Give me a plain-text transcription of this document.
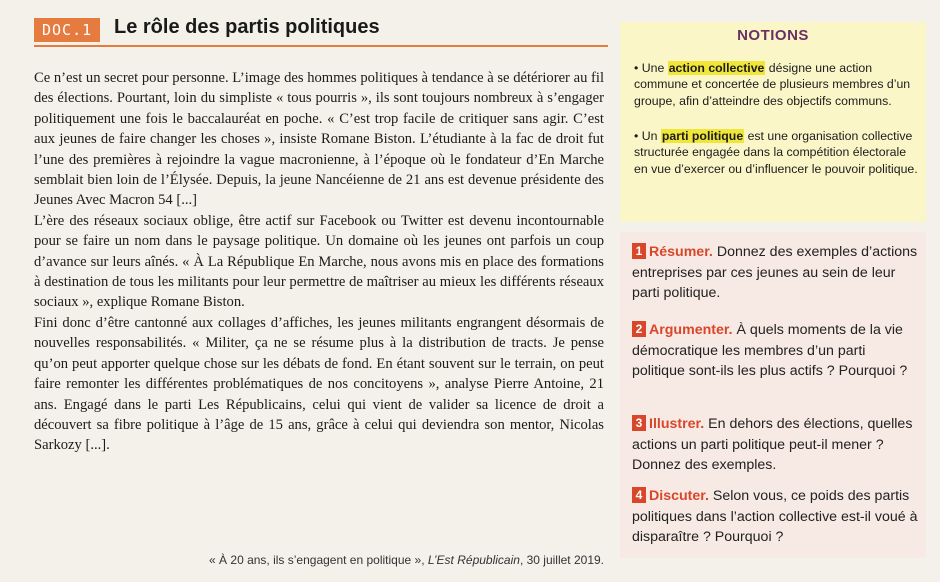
DOC.1	Le rôle des partis politiques

Ce n’est un secret pour personne. L’image des hommes politiques à tendance à se détériorer au fil des élections. Pourtant, loin du simpliste « tous pourris », ils sont toujours nombreux à s’engager politiquement une fois le baccalauréat en poche. « C’est trop facile de critiquer sans agir. C’est aux jeunes de faire changer les choses », insiste Romane Biston. L’étudiante à la fac de droit fut l’une des premières à rejoindre la vague macronienne, à l’époque où le fondateur d’En Marche semblait bien loin de l’Élysée. Depuis, la jeune Nancéienne de 21 ans est devenue présidente des Jeunes Avec Macron 54 [...]

L’ère des réseaux sociaux oblige, être actif sur Facebook ou Twitter est devenu incontournable pour se faire un nom dans le paysage politique. Un domaine où les jeunes ont parfois un coup d’avance sur leurs aînés. « À La République En Marche, nous avons mis en place des formations à destination de tous les militants pour leur permettre de maîtriser au mieux les différents réseaux sociaux », explique Romane Biston.

Fini donc d’être cantonné aux collages d’affiches, les jeunes militants engrangent désormais de nouvelles responsabilités. « Militer, ça ne se résume plus à la distribution de tracts. Je pense qu’on peut apporter quelque chose sur les débats de fond. En étant souvent sur le terrain, on peut faire remonter les différentes problématiques de nos concitoyens », analyse Pierre Antoine, 21 ans. Engagé dans le parti Les Républicains, celui qui vient de valider sa licence de droit a découvert sa fibre politique à l’âge de 15 ans, grâce à celui qui deviendra son mentor, Nicolas Sarkozy [...].

« À 20 ans, ils s’engagent en politique », L’Est Républicain, 30 juillet 2019.
NOTIONS
• Une action collective désigne une action commune et concertée de plusieurs membres d’un groupe, afin d’atteindre des objectifs communs.
• Un parti politique est une organisation collective structurée engagée dans la compétition électorale en vue d’exercer ou d’influencer le pouvoir politique.
1 Résumer. Donnez des exemples d’actions entreprises par ces jeunes au sein de leur parti politique.
2 Argumenter. À quels moments de la vie démocratique les membres d’un parti politique sont-ils les plus actifs ? Pourquoi ?
3 Illustrer. En dehors des élections, quelles actions un parti politique peut-il mener ? Donnez des exemples.
4 Discuter. Selon vous, ce poids des partis politiques dans l’action collective est-il voué à disparaître ? Pourquoi ?
